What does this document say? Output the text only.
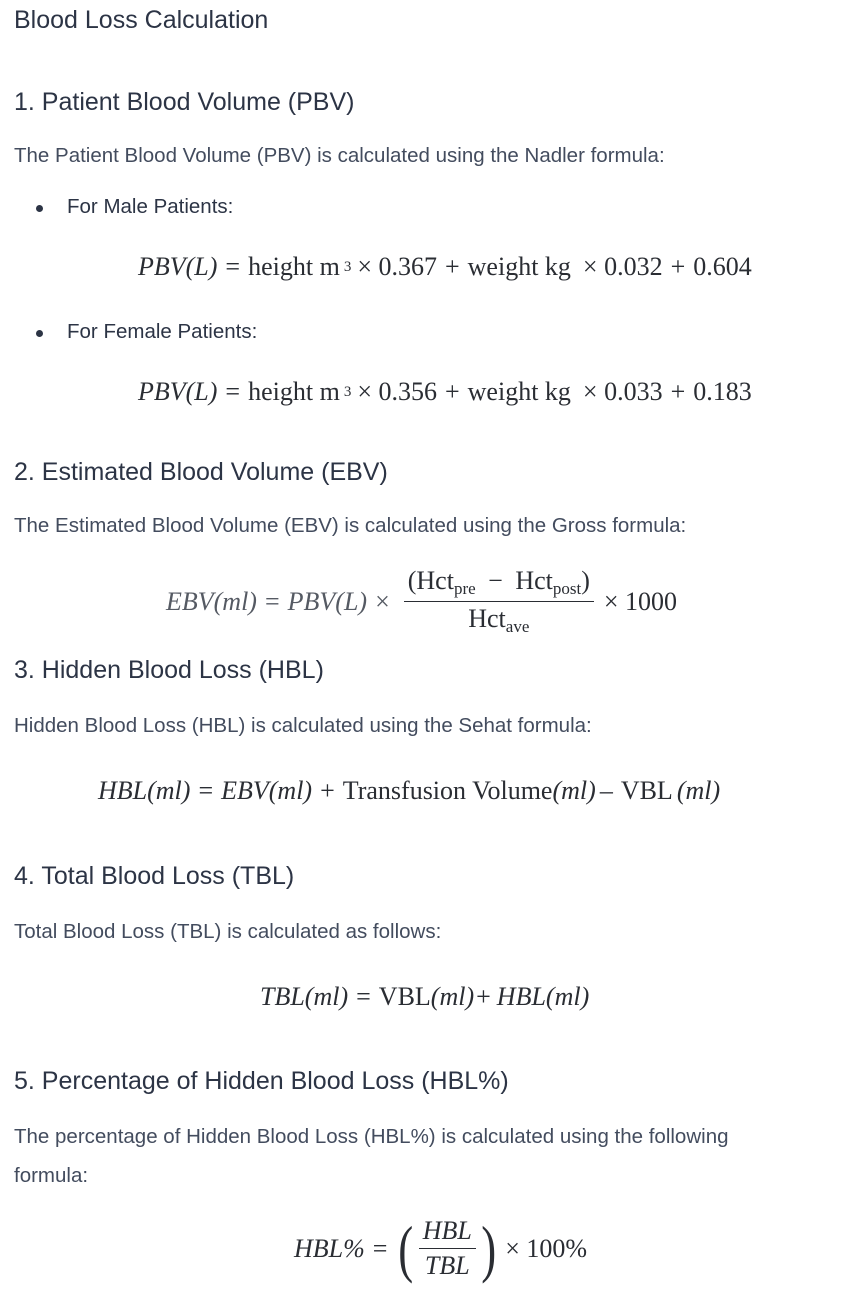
Blood Loss Calculation
1. Patient Blood Volume (PBV)
The Patient Blood Volume (PBV) is calculated using the Nadler formula:
For Male Patients:
PBV(L) = height m $^3$ × 0.367 + weight kg × 0.032 + 0.604
For Female Patients:
PBV(L) = height m $^3$ × 0.356 + weight kg × 0.033 + 0.183
2. Estimated Blood Volume (EBV)
The Estimated Blood Volume (EBV) is calculated using the Gross formula:
$EBV(ml) = PBV(L) \times \frac{(Hct_{pre} - Hct_{post})}{Hct_{ave}} \times 1000$
3. Hidden Blood Loss (HBL)
Hidden Blood Loss (HBL) is calculated using the Sehat formula:
HBL(ml) = EBV(ml) + Transfusion Volume (ml) – VBL (ml)
4. Total Blood Loss (TBL)
Total Blood Loss (TBL) is calculated as follows:
TBL(ml) = VBL (ml) + HBL(ml)
5. Percentage of Hidden Blood Loss (HBL%)
The percentage of Hidden Blood Loss (HBL%) is calculated using the following
formula:
HBL% = ( $\frac{\text{HBL}}{\text{TBL}}$ ) × 100%
